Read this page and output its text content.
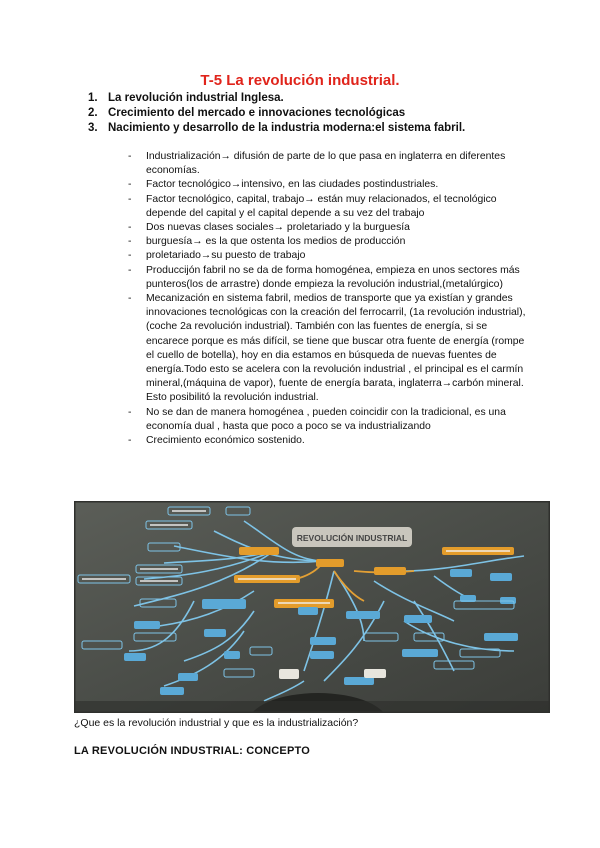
T-5 La revolución industrial.
1. La revolución industrial Inglesa.
2. Crecimiento del mercado e innovaciones tecnológicas
3. Nacimiento y desarrollo de la industria moderna:el sistema fabril.
- Industrialización→ difusión de parte de lo que pasa en inglaterra en diferentes economías.
- Factor tecnológico→intensivo, en las ciudades postindustriales.
- Factor tecnológico, capital, trabajo→ están muy relacionados, el tecnológico depende del capital y el capital depende a su vez del trabajo
- Dos nuevas clases sociales→ proletariado y la burguesía
- burguesía→ es la que ostenta los medios de producción
- proletariado→su puesto de trabajo
- Produccijón fabril no se da de forma homogénea, empieza en unos sectores más punteros(los de arrastre) donde empieza la revolución industrial,(metalúrgico)
- Mecanización en sistema fabril, medios de transporte que ya existían y grandes innovaciones tecnológicas con la creación del ferrocarril, (1a revolución industrial), (coche 2a revolución industrial). También con las fuentes de energía, si se encarece porque es más difícil, se tiene que buscar otra fuente de energía (rompe el cuello de botella), hoy en dia estamos en búsqueda de nuevas fuentes de energía.Todo esto se acelera con la revolución industrial , el principal es el carmín mineral,(máquina de vapor), fuente de energía barata, inglaterra→carbón mineral. Esto posibilitó la revolución industrial.
- No se dan de manera homogénea , pueden coincidir con la tradicional, es una economía dual , hasta que poco a poco se va industrializando
- Crecimiento económico sostenido.
REVOLUCIÓN INDUSTRIAL
¿Que es la revolución industrial y que es la industrialización?
LA REVOLUCIÓN INDUSTRIAL: CONCEPTO
